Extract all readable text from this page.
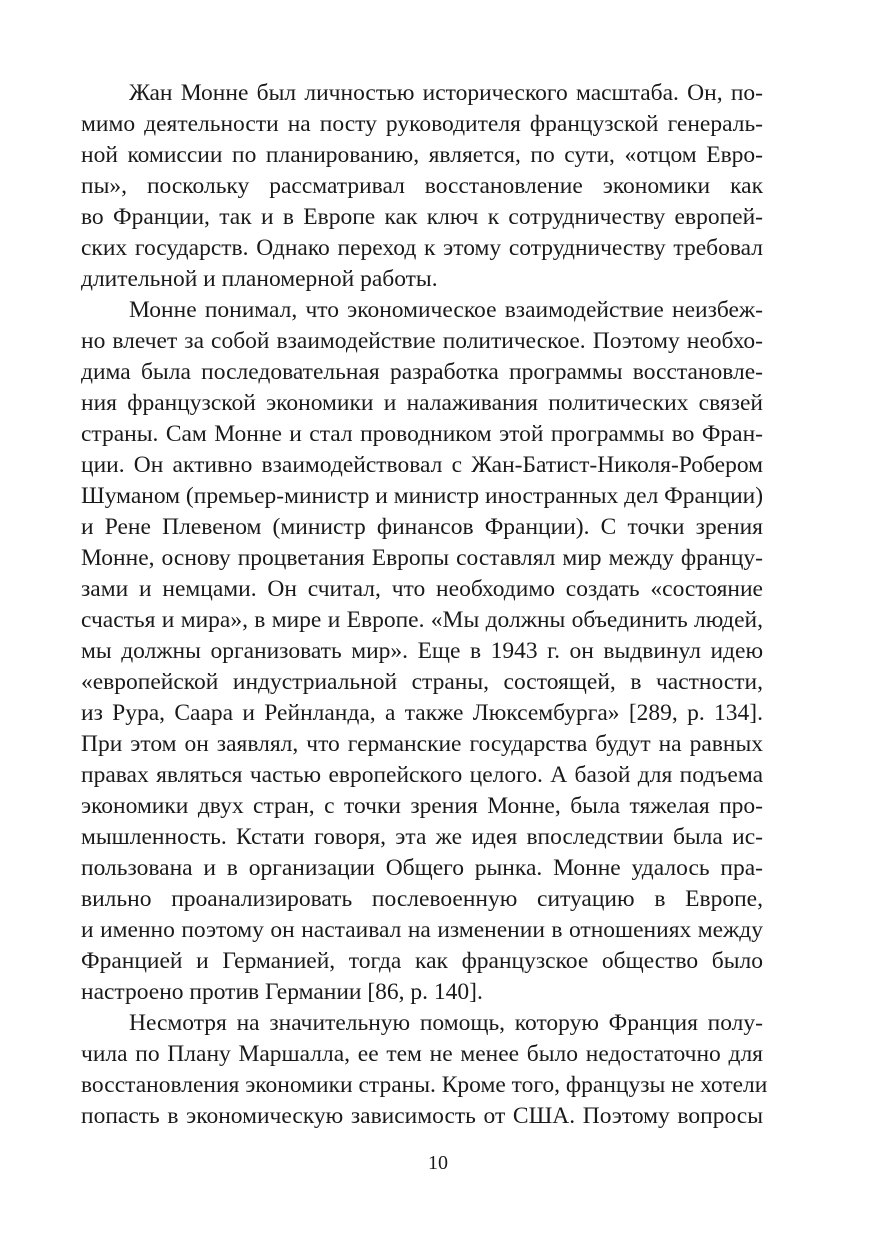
Жан Монне был личностью исторического масштаба. Он, по-
мимо деятельности на посту руководителя французской генераль-
ной комиссии по планированию, является, по сути, «отцом Евро-
пы», поскольку рассматривал восстановление экономики как
во Франции, так и в Европе как ключ к сотрудничеству европей-
ских государств. Однако переход к этому сотрудничеству требовал
длительной и планомерной работы.
Монне понимал, что экономическое взаимодействие неизбеж-
но влечет за собой взаимодействие политическое. Поэтому необхо-
дима была последовательная разработка программы восстановле-
ния французской экономики и налаживания политических связей
страны. Сам Монне и стал проводником этой программы во Фран-
ции. Он активно взаимодействовал с Жан-Батист-Николя-Робером
Шуманом (премьер-министр и министр иностранных дел Франции)
и Рене Плевеном (министр финансов Франции). С точки зрения
Монне, основу процветания Европы составлял мир между францу-
зами и немцами. Он считал, что необходимо создать «состояние
счастья и мира», в мире и Европе. «Мы должны объединить людей,
мы должны организовать мир». Еще в 1943 г. он выдвинул идею
«европейской индустриальной страны, состоящей, в частности,
из Рура, Саара и Рейнланда, а также Люксембурга» [289, p. 134].
При этом он заявлял, что германские государства будут на равных
правах являться частью европейского целого. А базой для подъема
экономики двух стран, с точки зрения Монне, была тяжелая про-
мышленность. Кстати говоря, эта же идея впоследствии была ис-
пользована и в организации Общего рынка. Монне удалось пра-
вильно проанализировать послевоенную ситуацию в Европе,
и именно поэтому он настаивал на изменении в отношениях между
Францией и Германией, тогда как французское общество было
настроено против Германии [86, p. 140].
Несмотря на значительную помощь, которую Франция полу-
чила по Плану Маршалла, ее тем не менее было недостаточно для
восстановления экономики страны. Кроме того, французы не хотели
попасть в экономическую зависимость от США. Поэтому вопросы
10
